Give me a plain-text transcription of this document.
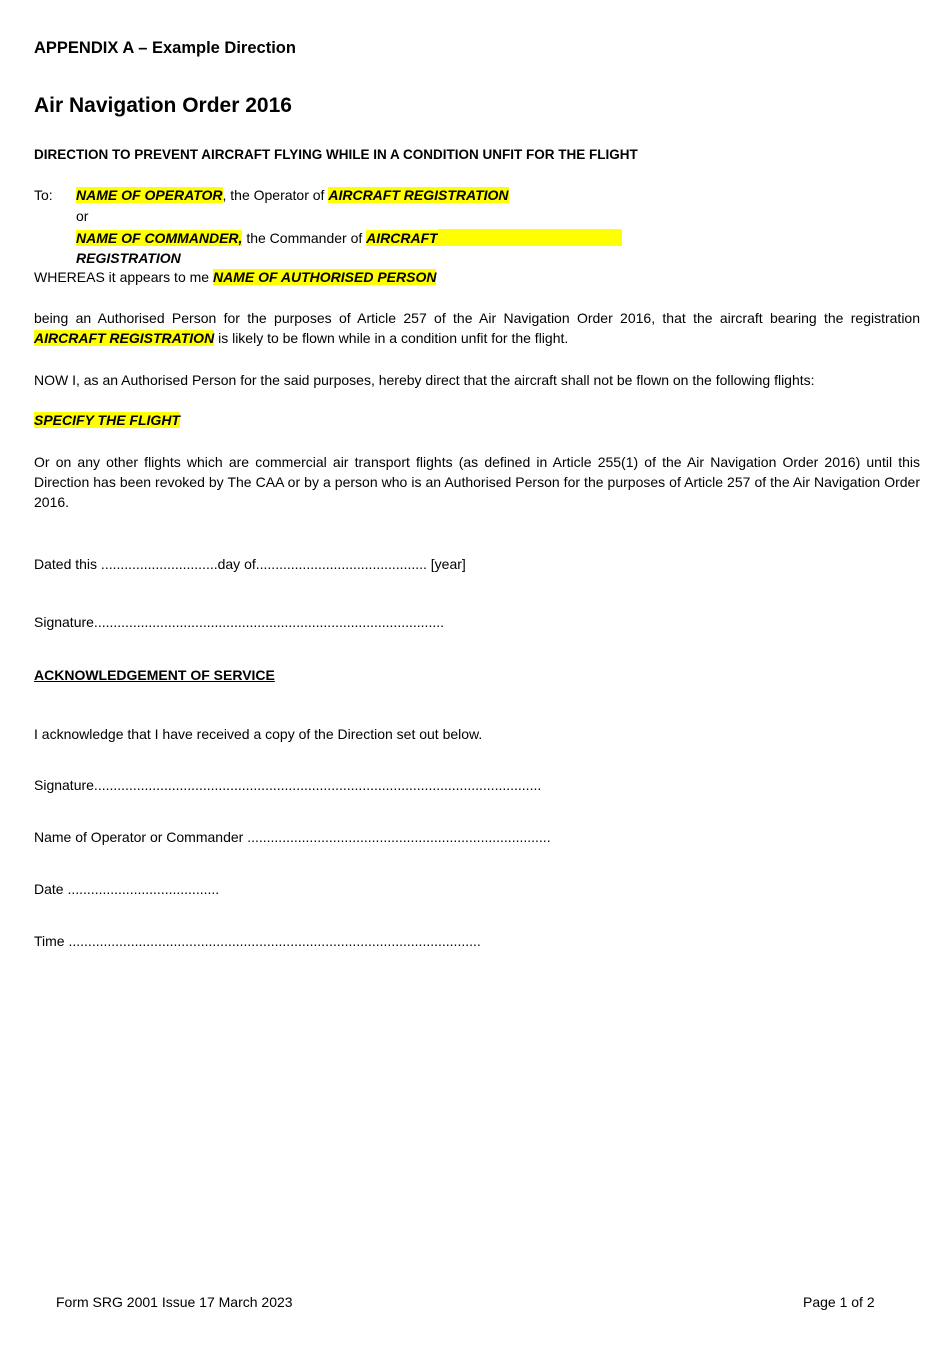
APPENDIX A – Example Direction
Air Navigation Order 2016
DIRECTION TO PREVENT AIRCRAFT FLYING WHILE IN A CONDITION UNFIT FOR THE FLIGHT
To: NAME OF OPERATOR, the Operator of AIRCRAFT REGISTRATION
or
NAME OF COMMANDER, the Commander of AIRCRAFT
REGISTRATION
WHEREAS it appears to me NAME OF AUTHORISED PERSON
being an Authorised Person for the purposes of Article 257 of the Air Navigation Order 2016, that the aircraft bearing the registration AIRCRAFT REGISTRATION is likely to be flown while in a condition unfit for the flight.
NOW I, as an Authorised Person for the said purposes, hereby direct that the aircraft shall not be flown on the following flights:
SPECIFY THE FLIGHT
Or on any other flights which are commercial air transport flights (as defined in Article 255(1) of the Air Navigation Order 2016) until this Direction has been revoked by The CAA or by a person who is an Authorised Person for the purposes of Article 257 of the Air Navigation Order 2016.
Dated this ..............................day of............................................ [year]
Signature..........................................................................................
ACKNOWLEDGEMENT OF SERVICE
I acknowledge that I have received a copy of the Direction set out below.
Signature...................................................................................................................
Name of Operator or Commander ..............................................................................
Date .......................................
Time ..........................................................................................................
Form SRG 2001 Issue 17 March 2023	Page 1 of 2
